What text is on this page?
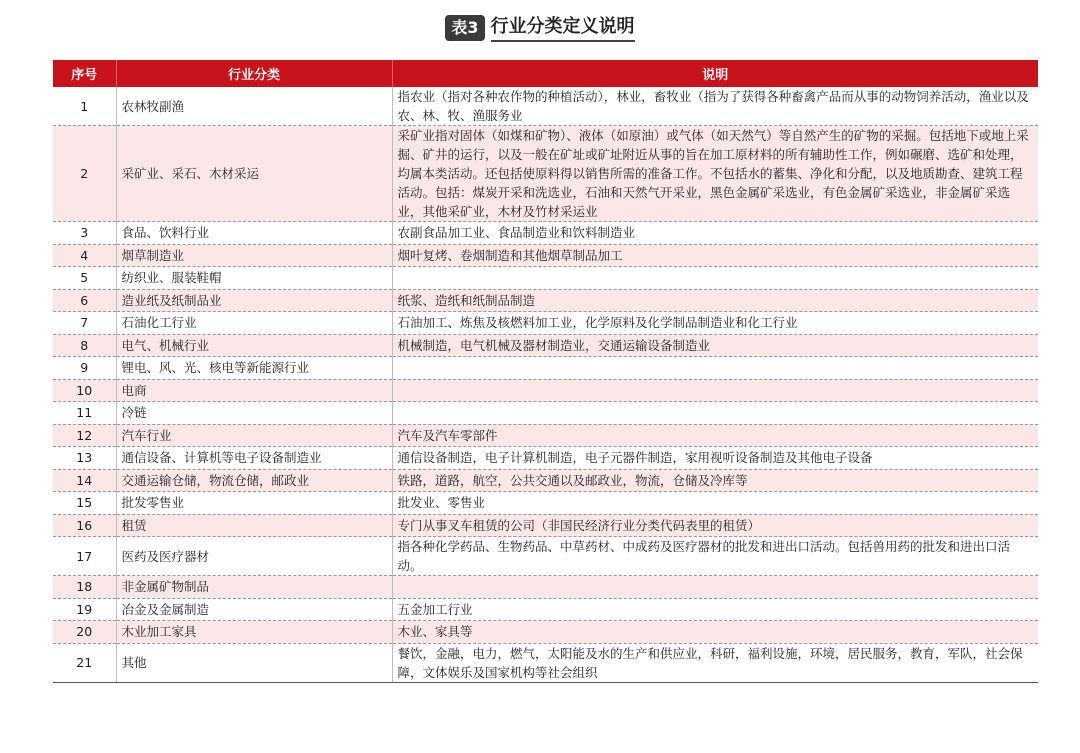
表3 行业分类定义说明
序号	行业分类	说明
1	农林牧副渔	指农业（指对各种农作物的种植活动），林业，畜牧业（指为了获得各种畜禽产品而从事的动物饲养活动，渔业以及农、林、牧、渔服务业
2	采矿业、采石、木材采运	采矿业指对固体（如煤和矿物）、液体（如原油）或气体（如天然气）等自然产生的矿物的采掘。包括地下或地上采掘、矿井的运行，以及一般在矿址或矿址附近从事的旨在加工原材料的所有辅助性工作，例如碾磨、选矿和处理，均属本类活动。还包括使原料得以销售所需的准备工作。不包括水的蓄集、净化和分配，以及地质勘查、建筑工程活动。包括：煤炭开采和洗选业，石油和天然气开采业，黑色金属矿采选业，有色金属矿采选业，非金属矿采选业，其他采矿业，木材及竹材采运业
3	食品、饮料行业	农副食品加工业、食品制造业和饮料制造业
4	烟草制造业	烟叶复烤、卷烟制造和其他烟草制品加工
5	纺织业、服装鞋帽	
6	造业纸及纸制品业	纸浆、造纸和纸制品制造
7	石油化工行业	石油加工、炼焦及核燃料加工业，化学原料及化学制品制造业和化工行业
8	电气、机械行业	机械制造，电气机械及器材制造业，交通运输设备制造业
9	锂电、风、光、核电等新能源行业	
10	电商	
11	冷链	
12	汽车行业	汽车及汽车零部件
13	通信设备、计算机等电子设备制造业	通信设备制造，电子计算机制造，电子元器件制造，家用视听设备制造及其他电子设备
14	交通运输仓储，物流仓储，邮政业	铁路，道路，航空，公共交通以及邮政业，物流，仓储及冷库等
15	批发零售业	批发业、零售业
16	租赁	专门从事叉车租赁的公司（非国民经济行业分类代码表里的租赁）
17	医药及医疗器材	指各种化学药品、生物药品、中草药材、中成药及医疗器材的批发和进出口活动。包括兽用药的批发和进出口活动。
18	非金属矿物制品	
19	冶金及金属制造	五金加工行业
20	木业加工家具	木业、家具等
21	其他	餐饮，金融，电力，燃气，太阳能及水的生产和供应业，科研，福利设施，环境，居民服务，教育，军队，社会保障，文体娱乐及国家机构等社会组织
